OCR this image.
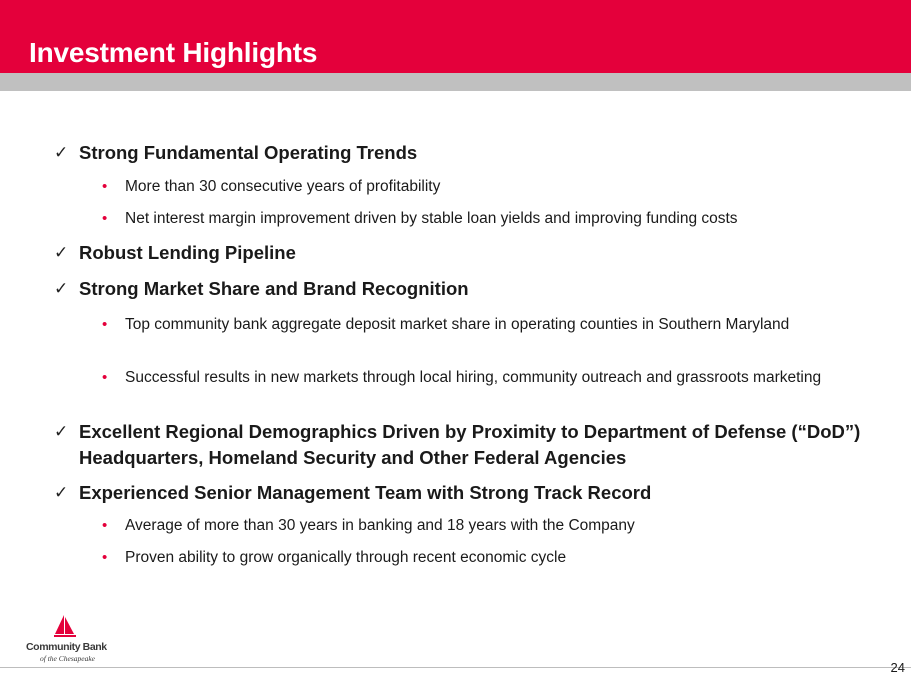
Investment Highlights
✓ Strong Fundamental Operating Trends
• More than 30 consecutive years of profitability
• Net interest margin improvement driven by stable loan yields and improving funding costs
✓ Robust Lending Pipeline
✓ Strong Market Share and Brand Recognition
• Top community bank aggregate deposit market share in operating counties in Southern Maryland
• Successful results in new markets through local hiring, community outreach and grassroots marketing
✓ Excellent Regional Demographics Driven by Proximity to Department of Defense (“DoD”) Headquarters, Homeland Security and Other Federal Agencies
✓ Experienced Senior Management Team with Strong Track Record
• Average of more than 30 years in banking and 18 years with the Company
• Proven ability to grow organically through recent economic cycle
Community Bank
of the Chesapeake
24
